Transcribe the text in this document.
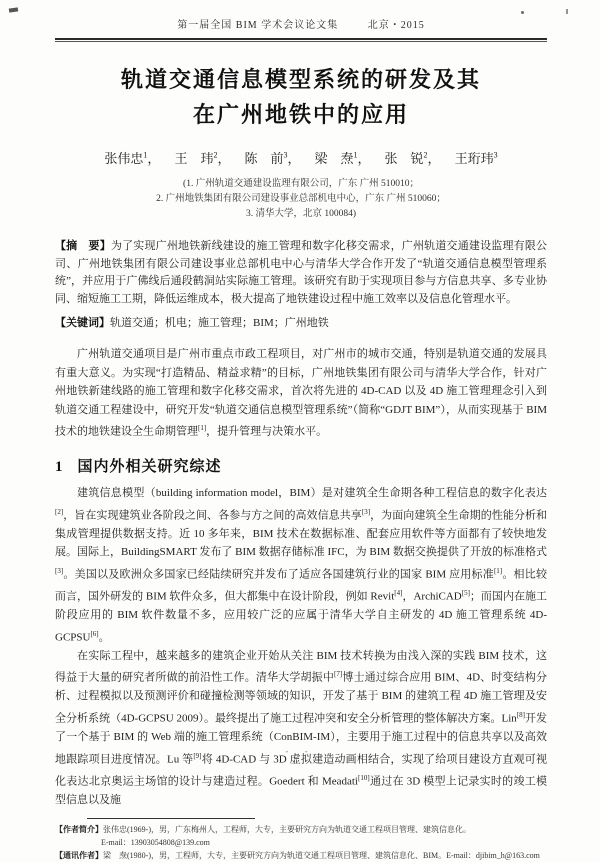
第一届全国 BIM 学术会议论文集	北京・2015
轨道交通信息模型系统的研发及其
在广州地铁中的应用
张伟忠$^1$， 王　玮$^2$， 陈　前$^3$， 梁　焘$^1$， 张　锐$^2$， 王珩玮$^3$
(1. 广州轨道交通建设监理有限公司，广东 广州 510010；
2. 广州地铁集团有限公司建设事业总部机电中心，广东 广州 510060；
3. 清华大学，北京 100084)
【摘　要】为了实现广州地铁新线建设的施工管理和数字化移交需求，广州轨道交通建设监理有限公司、广州地铁集团有限公司建设事业总部机电中心与清华大学合作开发了“轨道交通信息模型管理系统”，并应用于广佛线后通段鹤洞站实际施工管理。该研究有助于实现项目参与方信息共享、多专业协同、缩短施工工期，降低运维成本，极大提高了地铁建设过程中施工效率以及信息化管理水平。
【关键词】轨道交通；机电；施工管理；BIM；广州地铁

广州轨道交通项目是广州市重点市政工程项目，对广州市的城市交通，特别是轨道交通的发展具有重大意义。为实现“打造精品、精益求精”的目标，广州地铁集团有限公司与清华大学合作，针对广州地铁新建线路的施工管理和数字化移交需求，首次将先进的 4D-CAD 以及 4D 施工管理理念引入到轨道交通工程建设中，研究开发“轨道交通信息模型管理系统”（简称“GDJT BIM”），从而实现基于 BIM 技术的地铁建设全生命期管理[1]，提升管理与决策水平。

1 国内外相关研究综述

建筑信息模型（building information model，BIM）是对建筑全生命期各种工程信息的数字化表达[2]，旨在实现建筑业各阶段之间、各参与方之间的高效信息共享[3]，为面向建筑全生命期的性能分析和集成管理提供数据支持。近 10 多年来，BIM 技术在数据标准、配套应用软件等方面都有了较快地发展。国际上，BuildingSMART 发布了 BIM 数据存储标准 IFC，为 BIM 数据交换提供了开放的标准格式[3]。美国以及欧洲众多国家已经陆续研究并发布了适应各国建筑行业的国家 BIM 应用标准[1]。相比较而言，国外研发的 BIM 软件众多，但大都集中在设计阶段，例如 Revit[4]，ArchiCAD[5]；而国内在施工阶段应用的 BIM 软件数量不多，应用较广泛的应属于清华大学自主研发的 4D 施工管理系统 4D-GCPSU[6]。

在实际工程中，越来越多的建筑企业开始从关注 BIM 技术转换为由浅入深的实践 BIM 技术，这得益于大量的研究者所做的前沿性工作。清华大学胡振中[7]博士通过综合应用 BIM、4D、时变结构分析、过程模拟以及预测评价和碰撞检测等领域的知识，开发了基于 BIM 的建筑工程 4D 施工管理及安全分析系统（4D-GCPSU 2009）。最终提出了施工过程冲突和安全分析管理的整体解决方案。Lin[8]开发了一个基于 BIM 的 Web 端的施工管理系统（ConBIM-IM），主要用于施工过程中的信息共享以及高效地跟踪项目进度情况。Lu 等[9]将 4D-CAD 与 3D 虚拟建造动画相结合，实现了给项目建设方直观可视化表达北京奥运主场馆的设计与建造过程。Goedert 和 Meadati[10]通过在 3D 模型上记录实时的竣工模型信息以及施

【作者简介】张伟忠(1969-)，男，广东梅州人，工程师，大专，主要研究方向为轨道交通工程项目管理、建筑信息化。
E-mail：13903054808@139.com
【通讯作者】梁　焘(1980-)，男，工程师，大专，主要研究方向为轨道交通工程项目管理、建筑信息化、BIM。E-mail：djibim_h@163.com
- -
